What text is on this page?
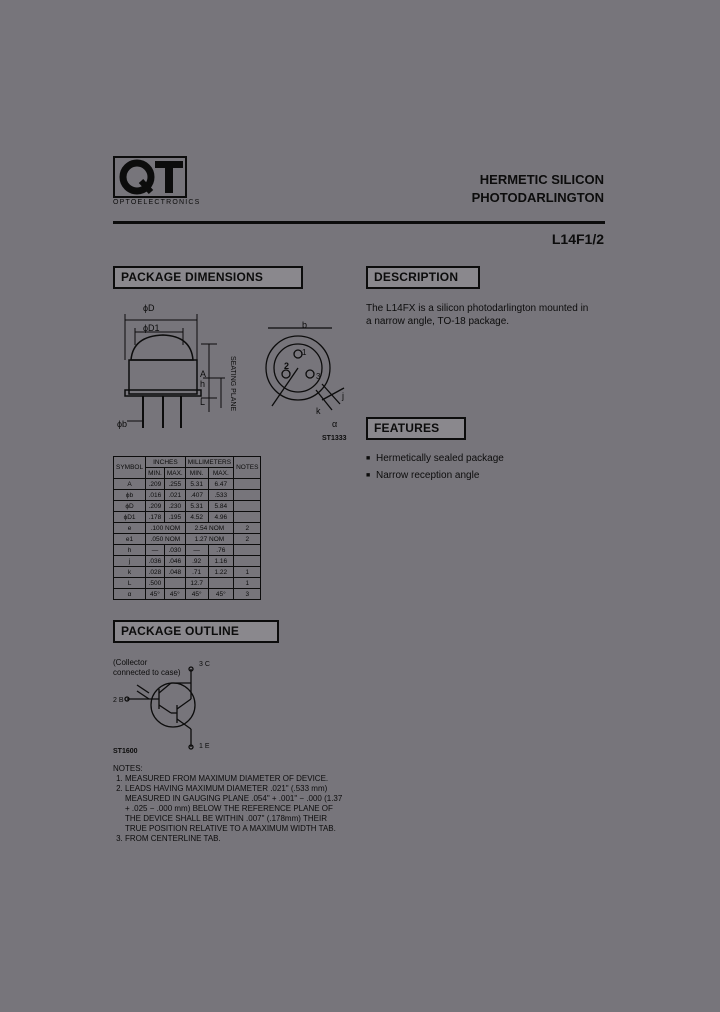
OPTOELECTRONICS
HERMETIC SILICON
PHOTODARLINGTON
L14F1/2
PACKAGE DIMENSIONS
ϕD
ϕD1
A
h	SEATING PLANE
L
ϕb
b
2
1
3
j
k
α
ST1333
SYMBOL	INCHES		MILLIMETERS		NOTES
	MIN.	MAX.	MIN.	MAX.	
A	.209	.255	5.31	6.47	
ϕb	.016	.021	.407	.533	
ϕD	.209	.230	5.31	5.84	
ϕD1	.178	.195	4.52	4.96	
e	.100 NOM		2.54 NOM		2
e1	.050 NOM		1.27 NOM		2
h	—	.030	—	.76	
j	.036	.046	.92	1.16	
k	.028	.048	.71	1.22	1
L	.500		12.7		1
α	45°	45°	45°	45°	3
DESCRIPTION
The L14FX is a silicon photodarlington mounted in a narrow angle, TO-18 package.
FEATURES
■ Hermetically sealed package
■ Narrow reception angle
PACKAGE OUTLINE
(Collector connected to case)
3 C
2 B
1 E
ST1600
NOTES:
1. MEASURED FROM MAXIMUM DIAMETER OF DEVICE.
2. LEADS HAVING MAXIMUM DIAMETER .021" (.533 mm) MEASURED IN GAUGING PLANE .054" + .001" − .000 (1.37 + .025 − .000 mm) BELOW THE REFERENCE PLANE OF THE DEVICE SHALL BE WITHIN .007" (.178mm) THEIR TRUE POSITION RELATIVE TO A MAXIMUM WIDTH TAB.
3. FROM CENTERLINE TAB.
